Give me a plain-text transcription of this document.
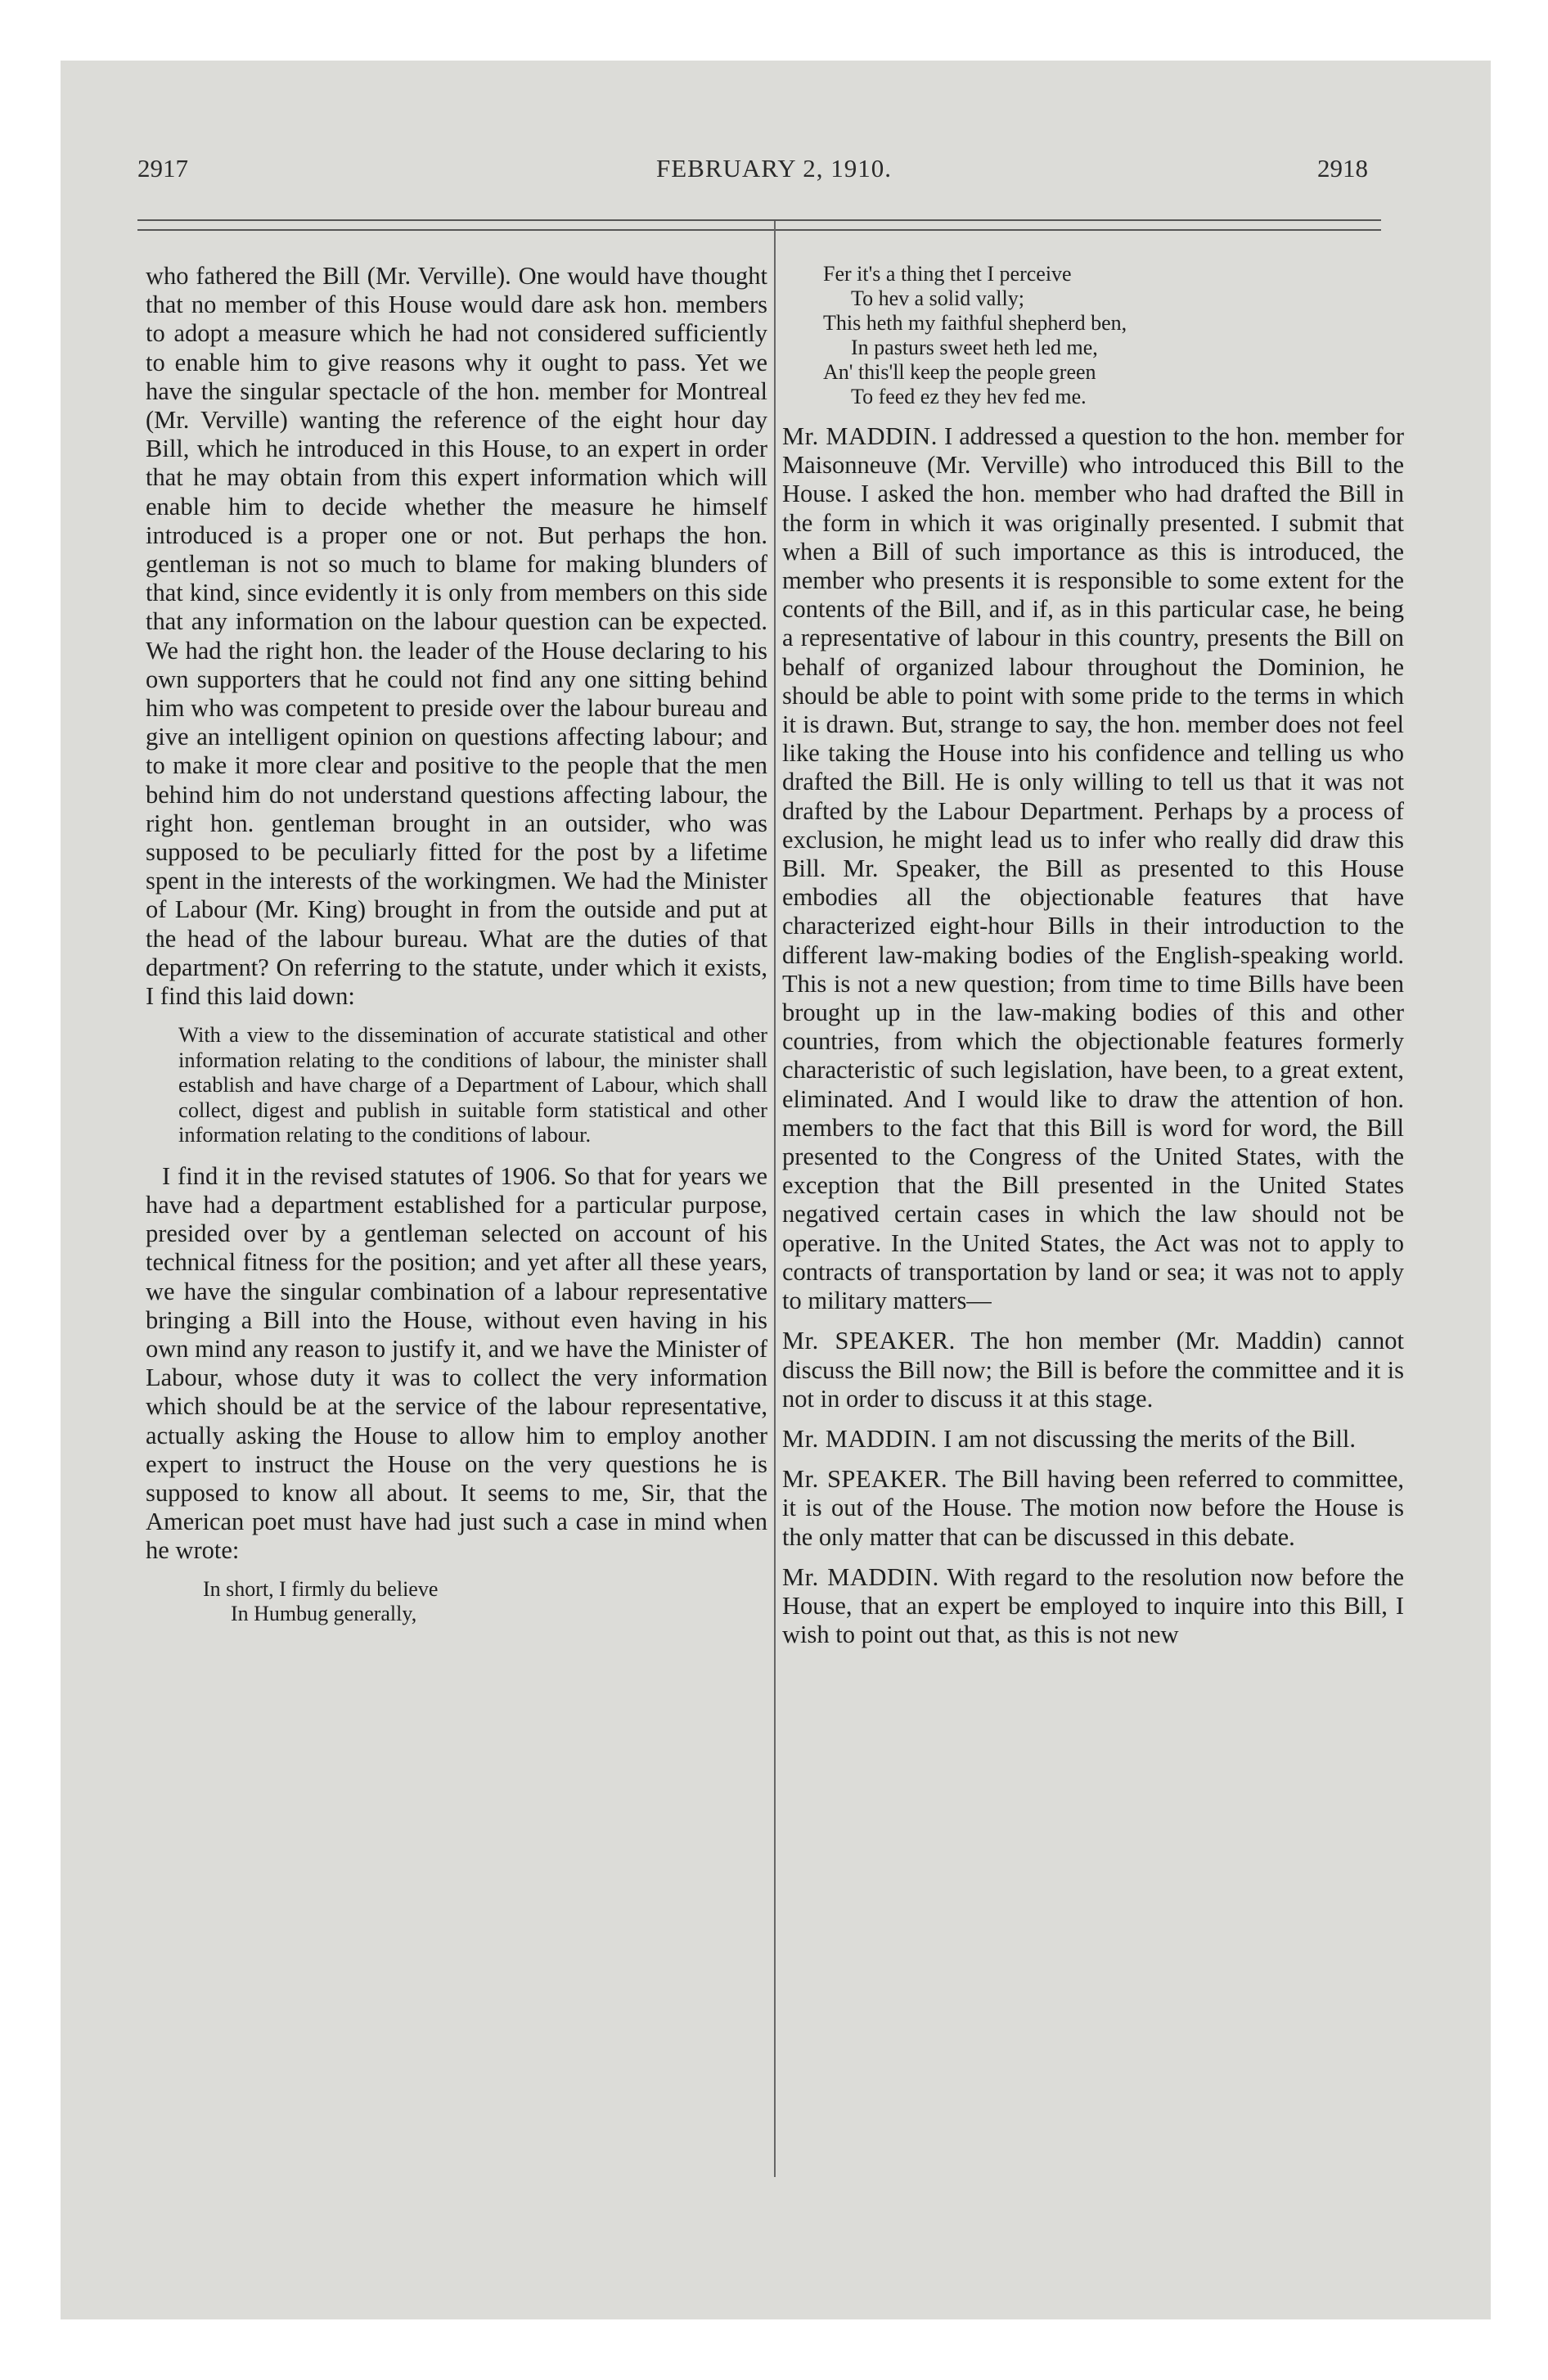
FEBRUARY 2, 1910.
2917	2918

who fathered the Bill (Mr. Verville). One would have thought that no member of this House would dare ask hon. members to adopt a measure which he had not considered sufficiently to enable him to give reasons why it ought to pass. Yet we have the singular spectacle of the hon. member for Montreal (Mr. Verville) wanting the reference of the eight hour day Bill, which he introduced in this House, to an expert in order that he may obtain from this expert information which will enable him to decide whether the measure he himself introduced is a proper one or not. But perhaps the hon. gentleman is not so much to blame for making blunders of that kind, since evidently it is only from members on this side that any information on the labour question can be expected. We had the right hon. the leader of the House declaring to his own supporters that he could not find any one sitting behind him who was competent to preside over the labour bureau and give an intelligent opinion on questions affecting labour; and to make it more clear and positive to the people that the men behind him do not understand questions affecting labour, the right hon. gentleman brought in an outsider, who was supposed to be peculiarly fitted for the post by a lifetime spent in the interests of the workingmen. We had the Minister of Labour (Mr. King) brought in from the outside and put at the head of the labour bureau. What are the duties of that department? On referring to the statute, under which it exists, I find this laid down:

With a view to the dissemination of accurate statistical and other information relating to the conditions of labour, the minister shall establish and have charge of a Department of Labour, which shall collect, digest and publish in suitable form statistical and other information relating to the conditions of labour.

I find it in the revised statutes of 1906. So that for years we have had a department established for a particular purpose, presided over by a gentleman selected on account of his technical fitness for the position; and yet after all these years, we have the singular combination of a labour representative bringing a Bill into the House, without even having in his own mind any reason to justify it, and we have the Minister of Labour, whose duty it was to collect the very information which should be at the service of the labour representative, actually asking the House to allow him to employ another expert to instruct the House on the very questions he is supposed to know all about. It seems to me, Sir, that the American poet must have had just such a case in mind when he wrote:

In short, I firmly du believe
In Humbug generally,
Fer it's a thing thet I perceive
To hev a solid vally;
This heth my faithful shepherd ben,
In pasturs sweet heth led me,
An' this'll keep the people green
To feed ez they hev fed me.

Mr. MADDIN. I addressed a question to the hon. member for Maisonneuve (Mr. Verville) who introduced this Bill to the House. I asked the hon. member who had drafted the Bill in the form in which it was originally presented. I submit that when a Bill of such importance as this is introduced, the member who presents it is responsible to some extent for the contents of the Bill, and if, as in this particular case, he being a representative of labour in this country, presents the Bill on behalf of organized labour throughout the Dominion, he should be able to point with some pride to the terms in which it is drawn. But, strange to say, the hon. member does not feel like taking the House into his confidence and telling us who drafted the Bill. He is only willing to tell us that it was not drafted by the Labour Department. Perhaps by a process of exclusion, he might lead us to infer who really did draw this Bill. Mr. Speaker, the Bill as presented to this House embodies all the objectionable features that have characterized eight-hour Bills in their introduction to the different law-making bodies of the English-speaking world. This is not a new question; from time to time Bills have been brought up in the law-making bodies of this and other countries, from which the objectionable features formerly characteristic of such legislation, have been, to a great extent, eliminated. And I would like to draw the attention of hon. members to the fact that this Bill is word for word, the Bill presented to the Congress of the United States, with the exception that the Bill presented in the United States negatived certain cases in which the law should not be operative. In the United States, the Act was not to apply to contracts of transportation by land or sea; it was not to apply to military matters—

Mr. SPEAKER. The hon member (Mr. Maddin) cannot discuss the Bill now; the Bill is before the committee and it is not in order to discuss it at this stage.

Mr. MADDIN. I am not discussing the merits of the Bill.

Mr. SPEAKER. The Bill having been referred to committee, it is out of the House. The motion now before the House is the only matter that can be discussed in this debate.

Mr. MADDIN. With regard to the resolution now before the House, that an expert be employed to inquire into this Bill, I wish to point out that, as this is not new
